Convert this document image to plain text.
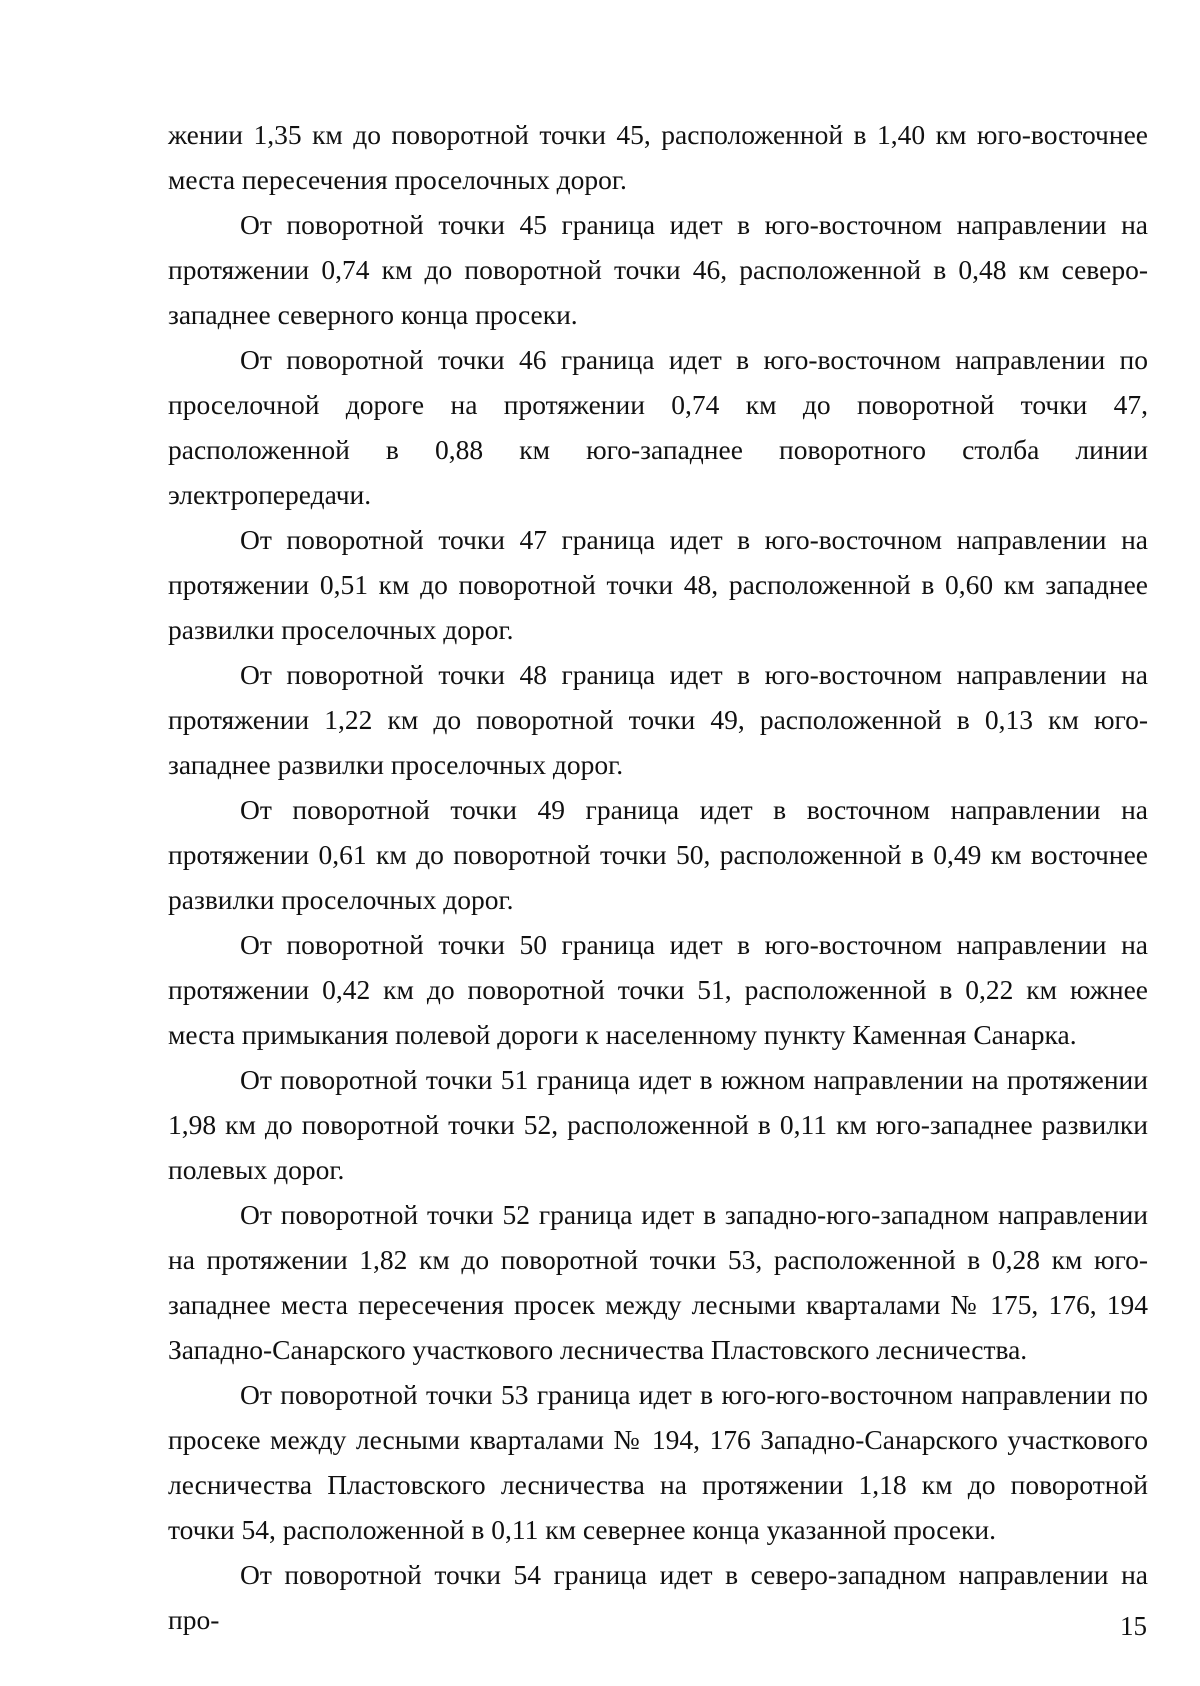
жении 1,35 км до поворотной точки 45, расположенной в 1,40 км юго-восточнее места пересечения проселочных дорог.

От поворотной точки 45 граница идет в юго-восточном направлении на протяжении 0,74 км до поворотной точки 46, расположенной в 0,48 км северо-западнее северного конца просеки.

От поворотной точки 46 граница идет в юго-восточном направлении по проселочной дороге на протяжении 0,74 км до поворотной точки 47, расположенной в 0,88 км юго-западнее поворотного столба линии электропередачи.

От поворотной точки 47 граница идет в юго-восточном направлении на протяжении 0,51 км до поворотной точки 48, расположенной в 0,60 км западнее развилки проселочных дорог.

От поворотной точки 48 граница идет в юго-восточном направлении на протяжении 1,22 км до поворотной точки 49, расположенной в 0,13 км юго-западнее развилки проселочных дорог.

От поворотной точки 49 граница идет в восточном направлении на протяжении 0,61 км до поворотной точки 50, расположенной в 0,49 км восточнее развилки проселочных дорог.

От поворотной точки 50 граница идет в юго-восточном направлении на протяжении 0,42 км до поворотной точки 51, расположенной в 0,22 км южнее места примыкания полевой дороги к населенному пункту Каменная Санарка.

От поворотной точки 51 граница идет в южном направлении на протяжении 1,98 км до поворотной точки 52, расположенной в 0,11 км юго-западнее развилки полевых дорог.

От поворотной точки 52 граница идет в западно-юго-западном направлении на протяжении 1,82 км до поворотной точки 53, расположенной в 0,28 км юго-западнее места пересечения просек между лесными кварталами № 175, 176, 194 Западно-Санарского участкового лесничества Пластовского лесничества.

От поворотной точки 53 граница идет в юго-юго-восточном направлении по просеке между лесными кварталами № 194, 176 Западно-Санарского участкового лесничества Пластовского лесничества на протяжении 1,18 км до поворотной точки 54, расположенной в 0,11 км севернее конца указанной просеки.

От поворотной точки 54 граница идет в северо-западном направлении на про-	15
